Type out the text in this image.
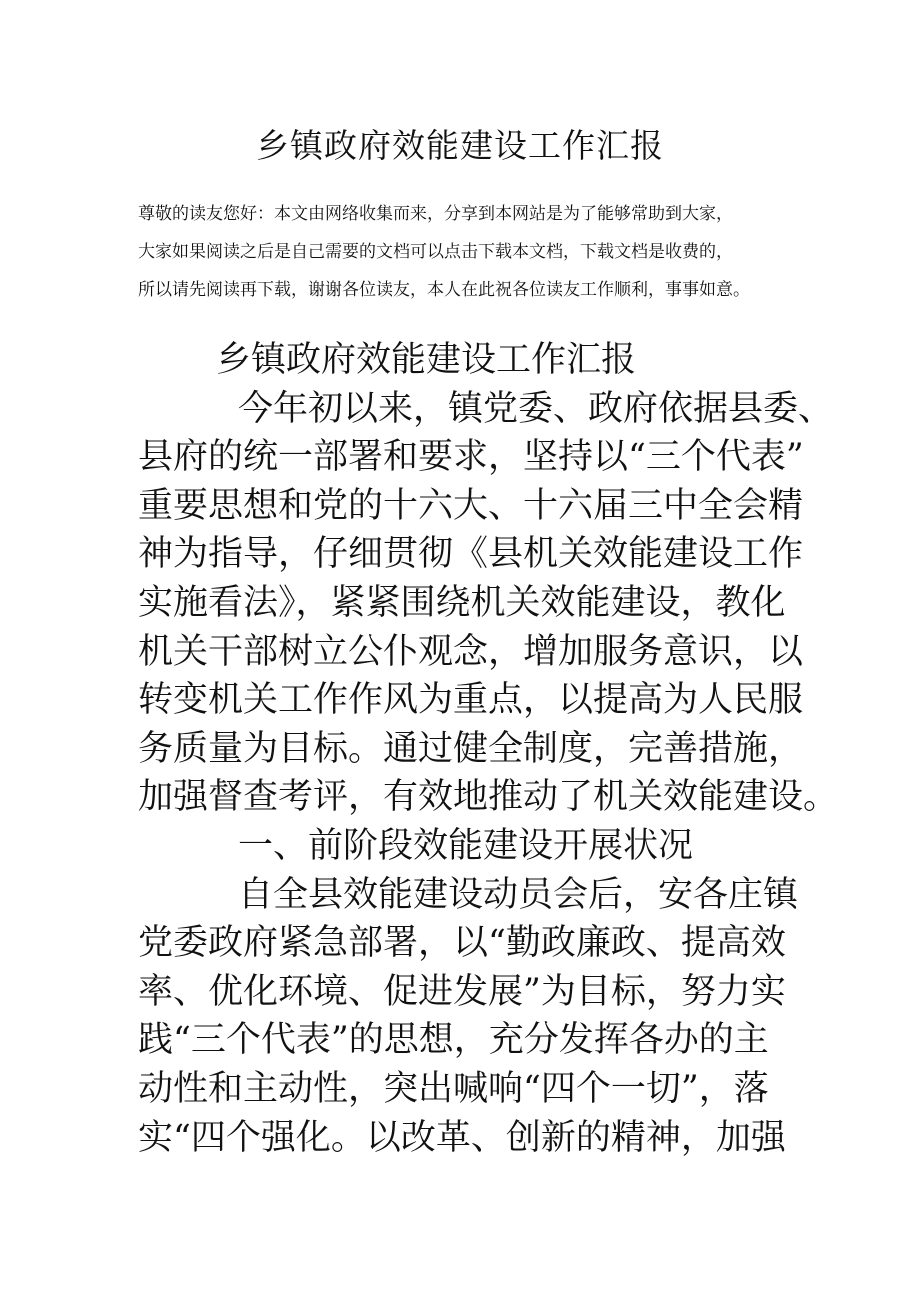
乡镇政府效能建设工作汇报

尊敬的读友您好：本文由网络收集而来，分享到本网站是为了能够常助到大家，
大家如果阅读之后是自己需要的文档可以点击下载本文档，下载文档是收费的，
所以请先阅读再下载，谢谢各位读友，本人在此祝各位读友工作顺利，事事如意。

乡镇政府效能建设工作汇报
今年初以来，镇党委、政府依据县委、
县府的统一部署和要求，坚持以“三个代表”
重要思想和党的十六大、十六届三中全会精
神为指导，仔细贯彻《县机关效能建设工作
实施看法》，紧紧围绕机关效能建设，教化
机关干部树立公仆观念，增加服务意识，以
转变机关工作作风为重点，以提高为人民服
务质量为目标。通过健全制度，完善措施，
加强督查考评，有效地推动了机关效能建设。
一、前阶段效能建设开展状况
自全县效能建设动员会后，安各庄镇
党委政府紧急部署，以“勤政廉政、提高效
率、优化环境、促进发展”为目标，努力实
践“三个代表”的思想，充分发挥各办的主
动性和主动性，突出喊响“四个一切”，落
实“四个强化。以改革、创新的精神，加强
